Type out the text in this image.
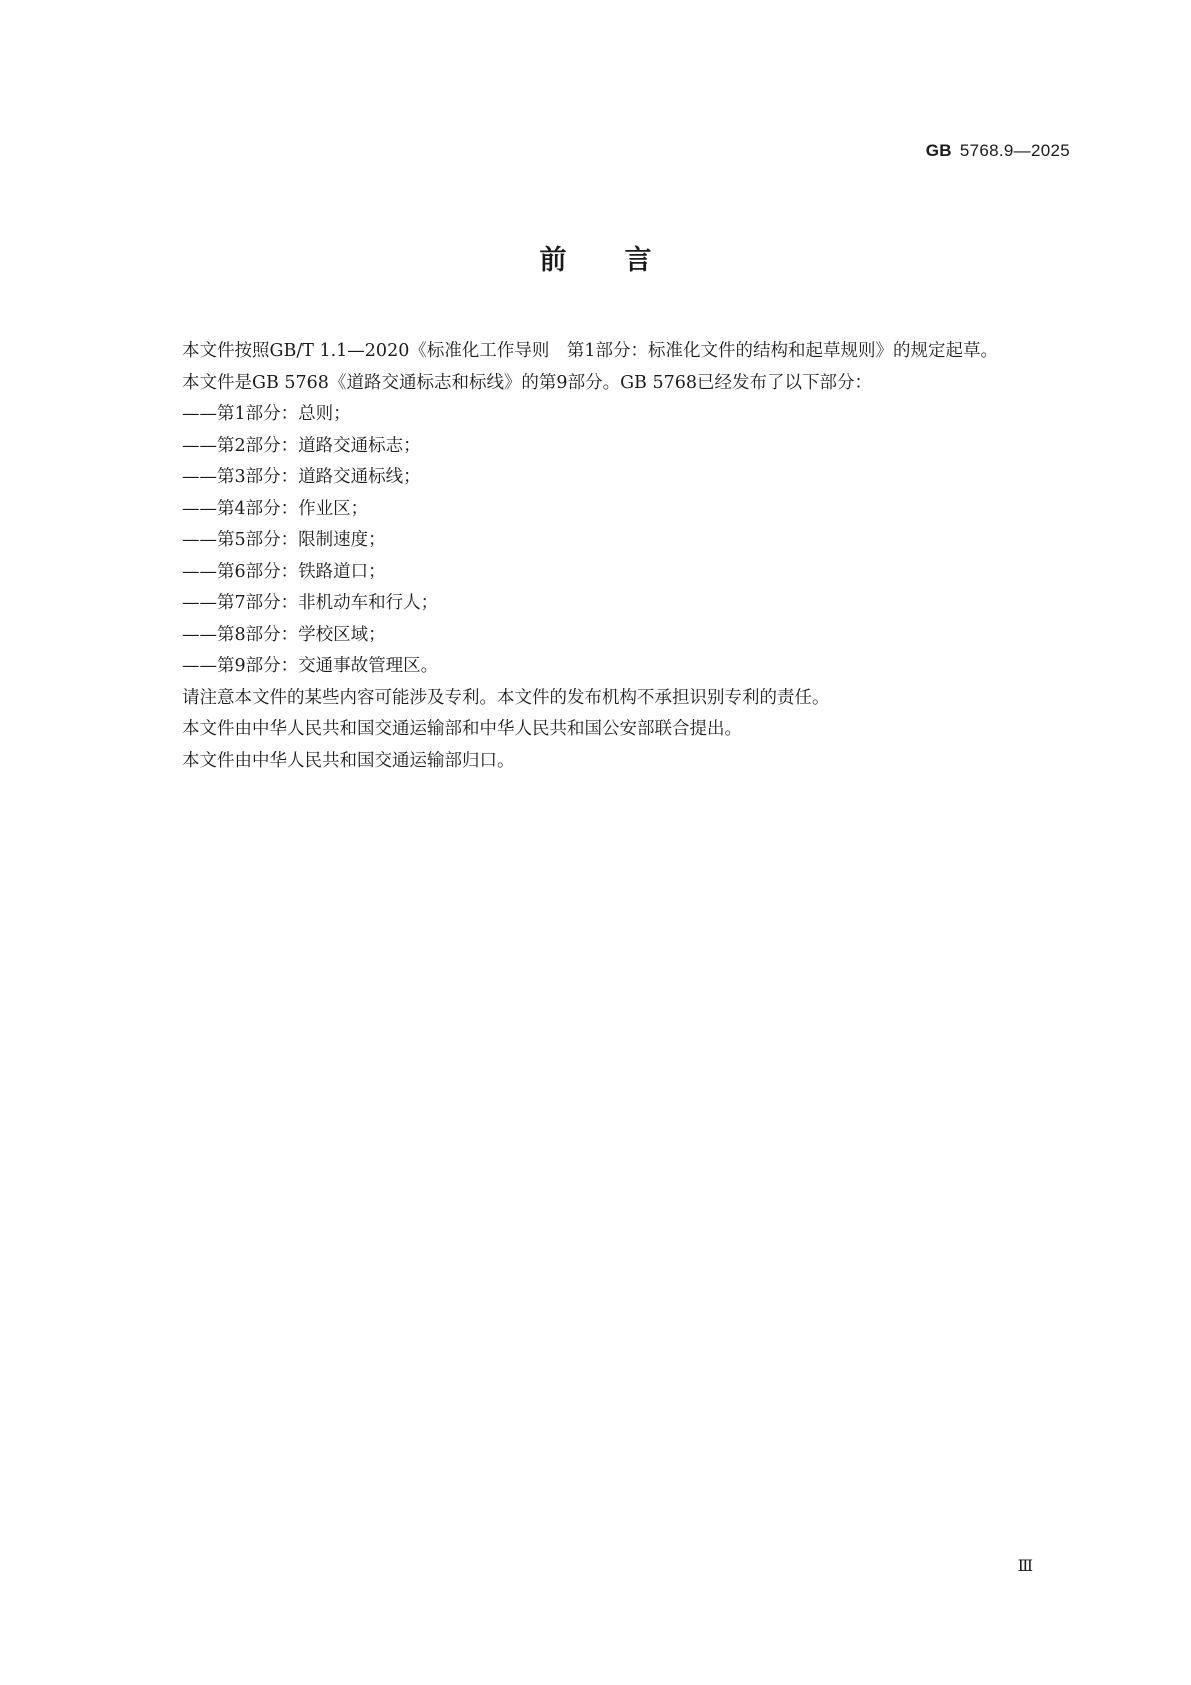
GB 5768.9—2025
前言

本文件按照GB/T 1.1—2020《标准化工作导则　第1部分：标准化文件的结构和起草规则》的规定起草。

本文件是GB 5768《道路交通标志和标线》的第9部分。GB 5768已经发布了以下部分：

——第1部分：总则；

——第2部分：道路交通标志；

——第3部分：道路交通标线；

——第4部分：作业区；

——第5部分：限制速度；

——第6部分：铁路道口；

——第7部分：非机动车和行人；

——第8部分：学校区域；

——第9部分：交通事故管理区。

请注意本文件的某些内容可能涉及专利。本文件的发布机构不承担识别专利的责任。

本文件由中华人民共和国交通运输部和中华人民共和国公安部联合提出。

本文件由中华人民共和国交通运输部归口。

Ⅲ
